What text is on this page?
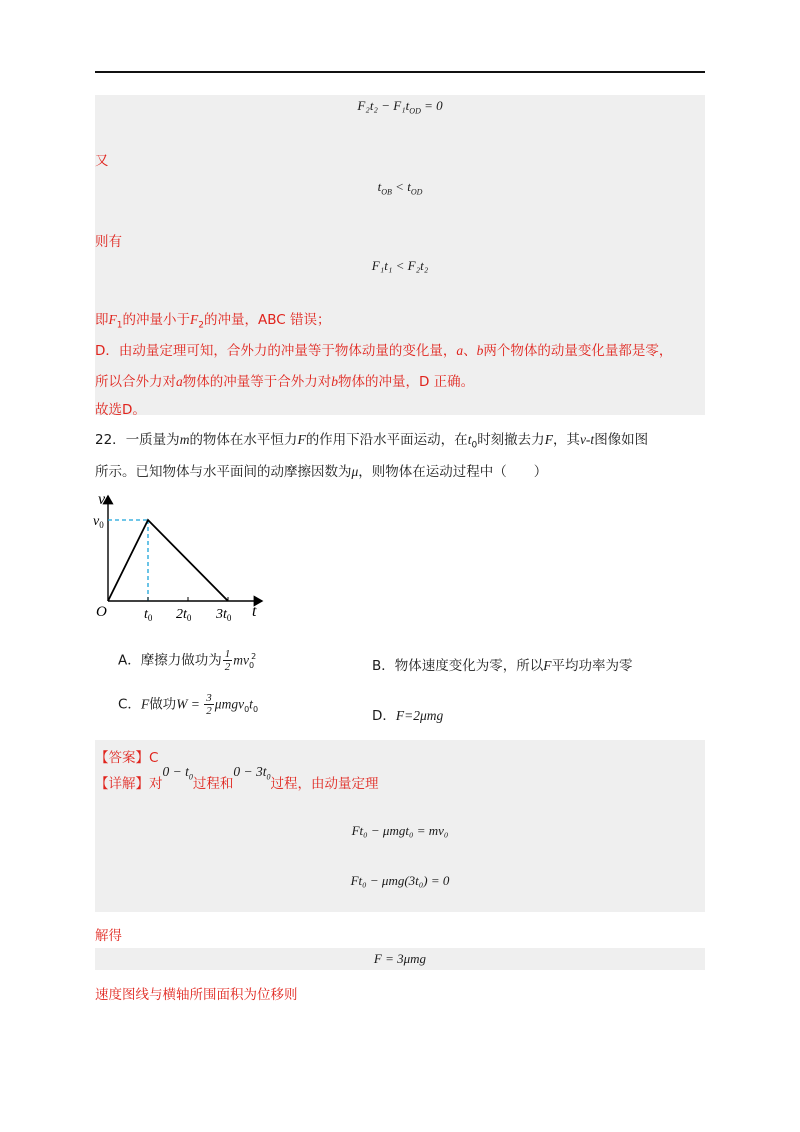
$F_2t_2 - F_1t_{OD} = 0$
又
$t_{OB} < t_{OD}$
则有
F₁t₁ < F₂t₂
即$F_1$的冲量小于$F_2$的冲量，ABC 错误；
D．由动量定理可知，合外力的冲量等于物体动量的变化量，a、b两个物体的动量变化量都是零，
所以合外力对a物体的冲量等于合外力对b物体的冲量，D 正确。
故选D。
22．一质量为m的物体在水平恒力F的作用下沿水平面运动，在$t_0$时刻撤去力F，其v-t图像如图
所示。已知物体与水平面间的动摩擦因数为μ，则物体在运动过程中（　　）
v
$v_0$
O	$t_0$ $2t_0$ $3t_0$ t
A．摩擦力做功为 $\frac{1}{2} mv_0^2$
B．物体速度变化为零，所以F平均功率为零
C．F做功$W = \frac{3}{2} \mu mgv_0t_0$	D．F=2μmg
【答案】C
【详解】对$0 - t_0$过程和$0 - 3t_0$过程，由动量定理
Ft₀ − μmgt₀ = mv₀
Ft₀ − μmg(3t₀) = 0
解得
F = 3μmg
速度图线与横轴所围面积为位移则
